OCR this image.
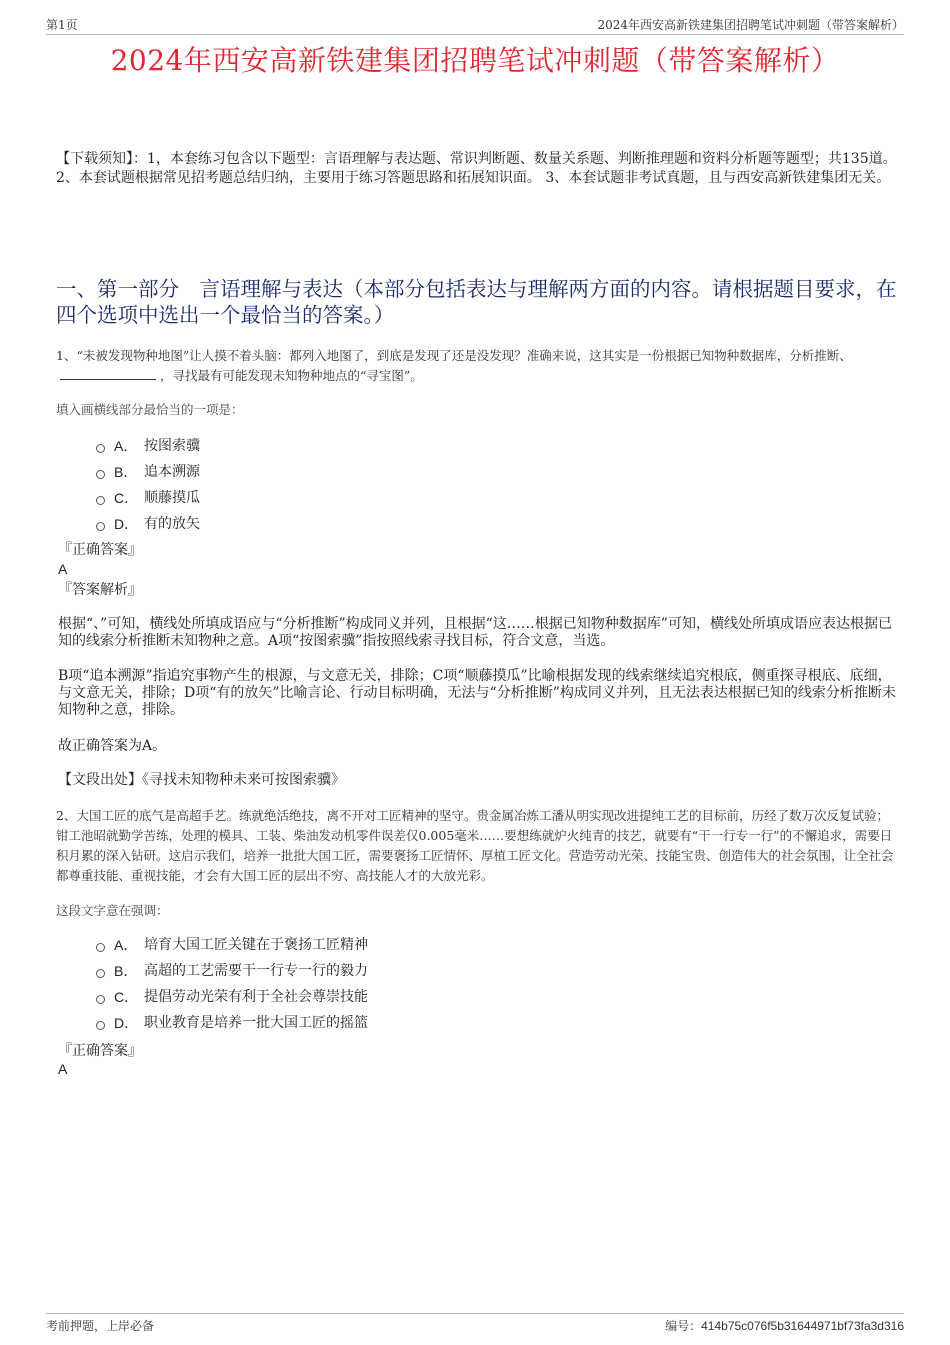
第1页	2024年西安高新铁建集团招聘笔试冲刺题（带答案解析）
2024年西安高新铁建集团招聘笔试冲刺题（带答案解析）
【下载须知】：1，本套练习包含以下题型：言语理解与表达题、常识判断题、数量关系题、判断推理题和资料分析题等题型；共135道。 2、本套试题根据常见招考题总结归纳，主要用于练习答题思路和拓展知识面。 3、本套试题非考试真题，且与西安高新铁建集团无关。
一、第一部分　言语理解与表达（本部分包括表达与理解两方面的内容。请根据题目要求，在四个选项中选出一个最恰当的答案。）
1、“未被发现物种地图”让人摸不着头脑：都列入地图了，到底是发现了还是没发现？准确来说，这其实是一份根据已知物种数据库，分析推断、，寻找最有可能发现未知物种地点的“寻宝图”。
填入画横线部分最恰当的一项是：
A． 按图索骥
B． 追本溯源
C． 顺藤摸瓜
D． 有的放矢
『正确答案』
A
『答案解析』
根据“、”可知，横线处所填成语应与“分析推断”构成同义并列，且根据“这……根据已知物种数据库”可知，横线处所填成语应表达根据已知的线索分析推断未知物种之意。A项“按图索骥”指按照线索寻找目标，符合文意，当选。
B项“追本溯源”指追究事物产生的根源，与文意无关，排除；C项“顺藤摸瓜”比喻根据发现的线索继续追究根底，侧重探寻根底、底细，与文意无关，排除；D项“有的放矢”比喻言论、行动目标明确，无法与“分析推断”构成同义并列，且无法表达根据已知的线索分析推断未知物种之意，排除。
故正确答案为A。
【文段出处】《寻找未知物种未来可按图索骥》
2、大国工匠的底气是高超手艺。练就绝活绝技，离不开对工匠精神的坚守。贵金属冶炼工潘从明实现改进提纯工艺的目标前，历经了数万次反复试验；钳工池昭就勤学苦练，处理的模具、工装、柴油发动机零件误差仅0.005毫米……要想练就炉火纯青的技艺，就要有“干一行专一行”的不懈追求，需要日积月累的深入钻研。这启示我们，培养一批批大国工匠，需要褒扬工匠情怀、厚植工匠文化。营造劳动光荣、技能宝贵、创造伟大的社会氛围，让全社会都尊重技能、重视技能，才会有大国工匠的层出不穷、高技能人才的大放光彩。
这段文字意在强调：
A． 培育大国工匠关键在于褒扬工匠精神
B． 高超的工艺需要干一行专一行的毅力
C． 提倡劳动光荣有利于全社会尊崇技能
D． 职业教育是培养一批大国工匠的摇篮
『正确答案』
A
考前押题，上岸必备	编号：414b75c076f5b31644971bf73fa3d316
